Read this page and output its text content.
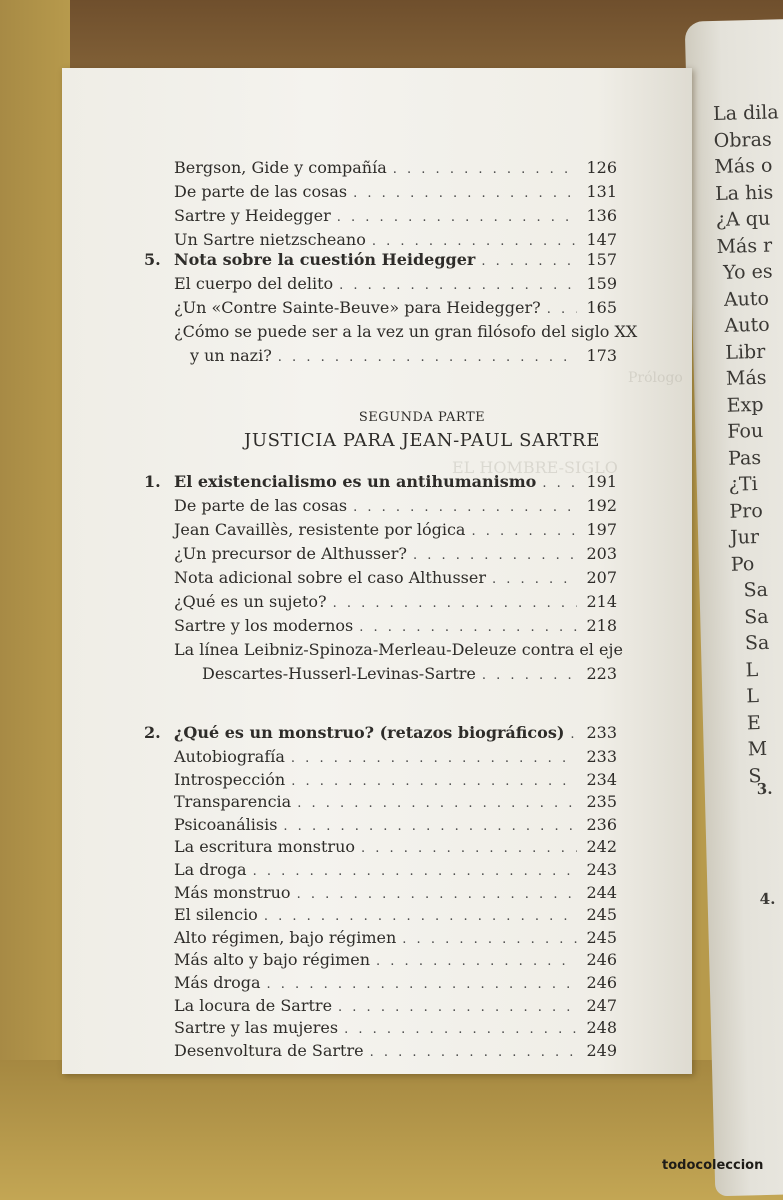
La dila
Obras
Más o
La his
¿A qu
Más r
Yo es
Auto
Auto
Libr
Más
Exp
Fou
Pas
¿Ti
Pro
Jur
Po
Sa
Sa
Sa
L
L
E
M
S
3.
4.
Prólogo
EL HOMBRE-SIGLO
Bergson, Gide y compañía . . .	126
De parte de las cosas . . .	131
Sartre y Heidegger . . .	136
Un Sartre nietzscheano . . .	147
5. Nota sobre la cuestión Heidegger . . .	157
El cuerpo del delito . . .	159
¿Un «Contre Sainte-Beuve» para Heidegger? . . .	165
¿Cómo se puede ser a la vez un gran filósofo del siglo XX
y un nazi? . . .	173
1. El existencialismo es un antihumanismo . . .	191
De parte de las cosas . . .	192
Jean Cavaillès, resistente por lógica . . .	197
¿Un precursor de Althusser? . . .	203
Nota adicional sobre el caso Althusser . . .	207
¿Qué es un sujeto? . . .	214
Sartre y los modernos . . .	218
La línea Leibniz-Spinoza-Merleau-Deleuze contra el eje
Descartes-Husserl-Levinas-Sartre . . .	223
2. ¿Qué es un monstruo? (retazos biográficos) . . . 233
Autobiografía . . .	233
Introspección . . .	234
Transparencia . . .	235
Psicoanálisis . . .	236
La escritura monstruo . . .	242
La droga . . .	243
Más monstruo . . .	244
El silencio . . .	245
Alto régimen, bajo régimen . . .	245
Más alto y bajo régimen . . .	246
Más droga . . .	246
La locura de Sartre . . .	247
Sartre y las mujeres . . .	248
Desenvoltura de Sartre . . .	249
SEGUNDA PARTE
JUSTICIA PARA JEAN-PAUL SARTRE
todocoleccion
